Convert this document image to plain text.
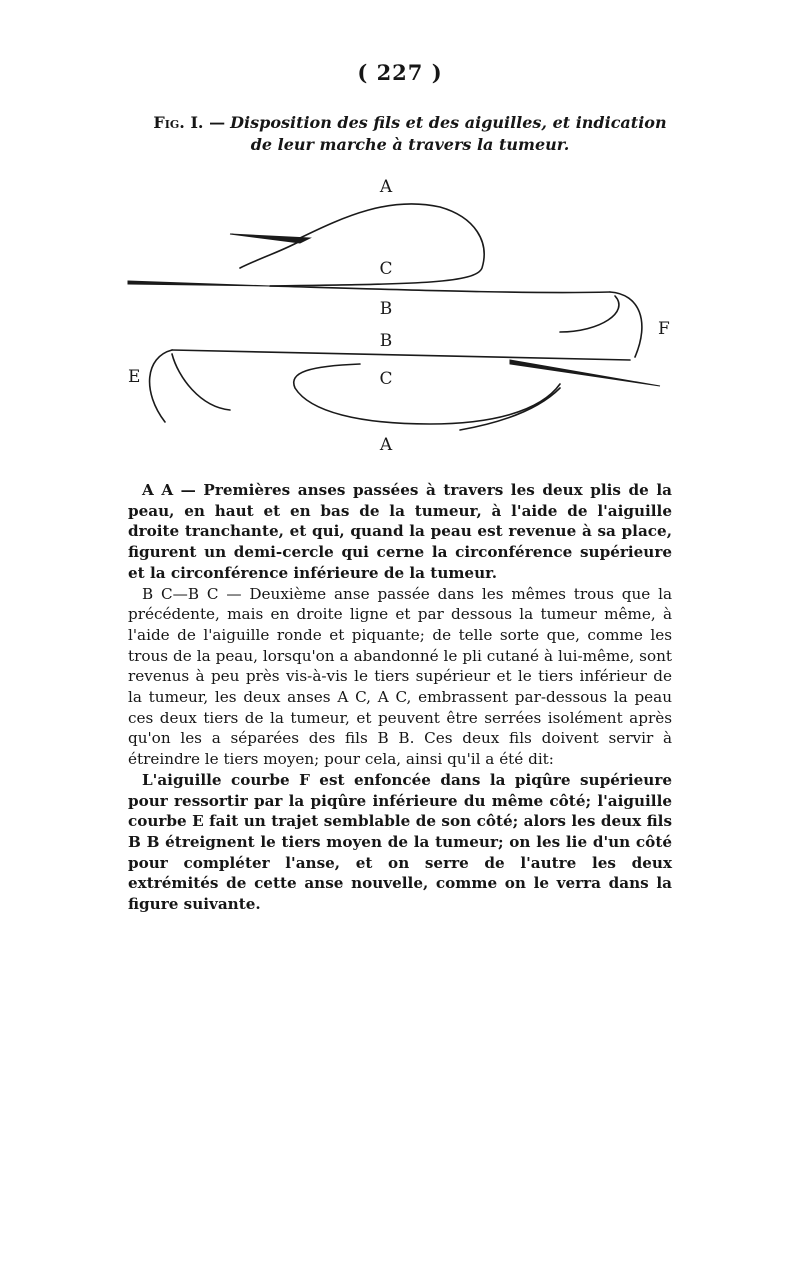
( 227 )
Fig. I. — Disposition des fils et des aiguilles, et indication de leur marche à travers la tumeur.
A
C
B
B
C
A
E
F

A A — Premières anses passées à travers les deux plis de la peau, en haut et en bas de la tumeur, à l'aide de l'aiguille droite tranchante, et qui, quand la peau est revenue à sa place, figurent un demi-cercle qui cerne la circonférence supérieure et la circonférence inférieure de la tumeur.

B C—B C — Deuxième anse passée dans les mêmes trous que la précédente, mais en droite ligne et par dessous la tumeur même, à l'aide de l'aiguille ronde et piquante; de telle sorte que, comme les trous de la peau, lorsqu'on a abandonné le pli cutané à lui-même, sont revenus à peu près vis-à-vis le tiers supérieur et le tiers inférieur de la tumeur, les deux anses A C, A C, embrassent par-dessous la peau ces deux tiers de la tumeur, et peuvent être serrées isolément après qu'on les a séparées des fils B B. Ces deux fils doivent servir à étreindre le tiers moyen; pour cela, ainsi qu'il a été dit:

L'aiguille courbe F est enfoncée dans la piqûre supérieure pour ressortir par la piqûre inférieure du même côté; l'aiguille courbe E fait un trajet semblable de son côté; alors les deux fils B B étreignent le tiers moyen de la tumeur; on les lie d'un côté pour compléter l'anse, et on serre de l'autre les deux extrémités de cette anse nouvelle, comme on le verra dans la figure suivante.
